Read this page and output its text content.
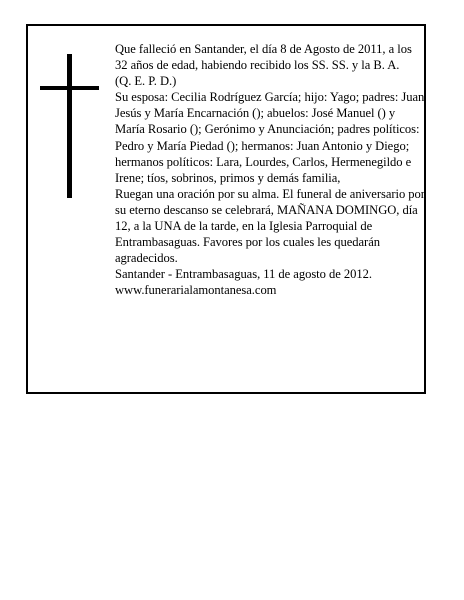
Que falleció en Santander, el día 8 de Agosto de 2011, a los 32 años de edad, habiendo recibido los SS. SS. y la B. A.

(Q. E. P. D.)

Su esposa: Cecilia Rodríguez García; hijo: Yago; padres: Juan Jesús y María Encarnación (); abuelos: José Manuel () y María Rosario (); Gerónimo y Anunciación; padres políticos: Pedro y María Piedad (); hermanos: Juan Antonio y Diego; hermanos políticos: Lara, Lourdes, Carlos, Hermenegildo e Irene; tíos, sobrinos, primos y demás familia,

Ruegan una oración por su alma. El funeral de aniversario por su eterno descanso se celebrará, MAÑANA DOMINGO, día 12, a la UNA de la tarde, en la Iglesia Parroquial de Entrambasaguas. Favores por los cuales les quedarán agradecidos.

Santander - Entrambasaguas, 11 de agosto de 2012.

www.funerarialamontanesa.com
